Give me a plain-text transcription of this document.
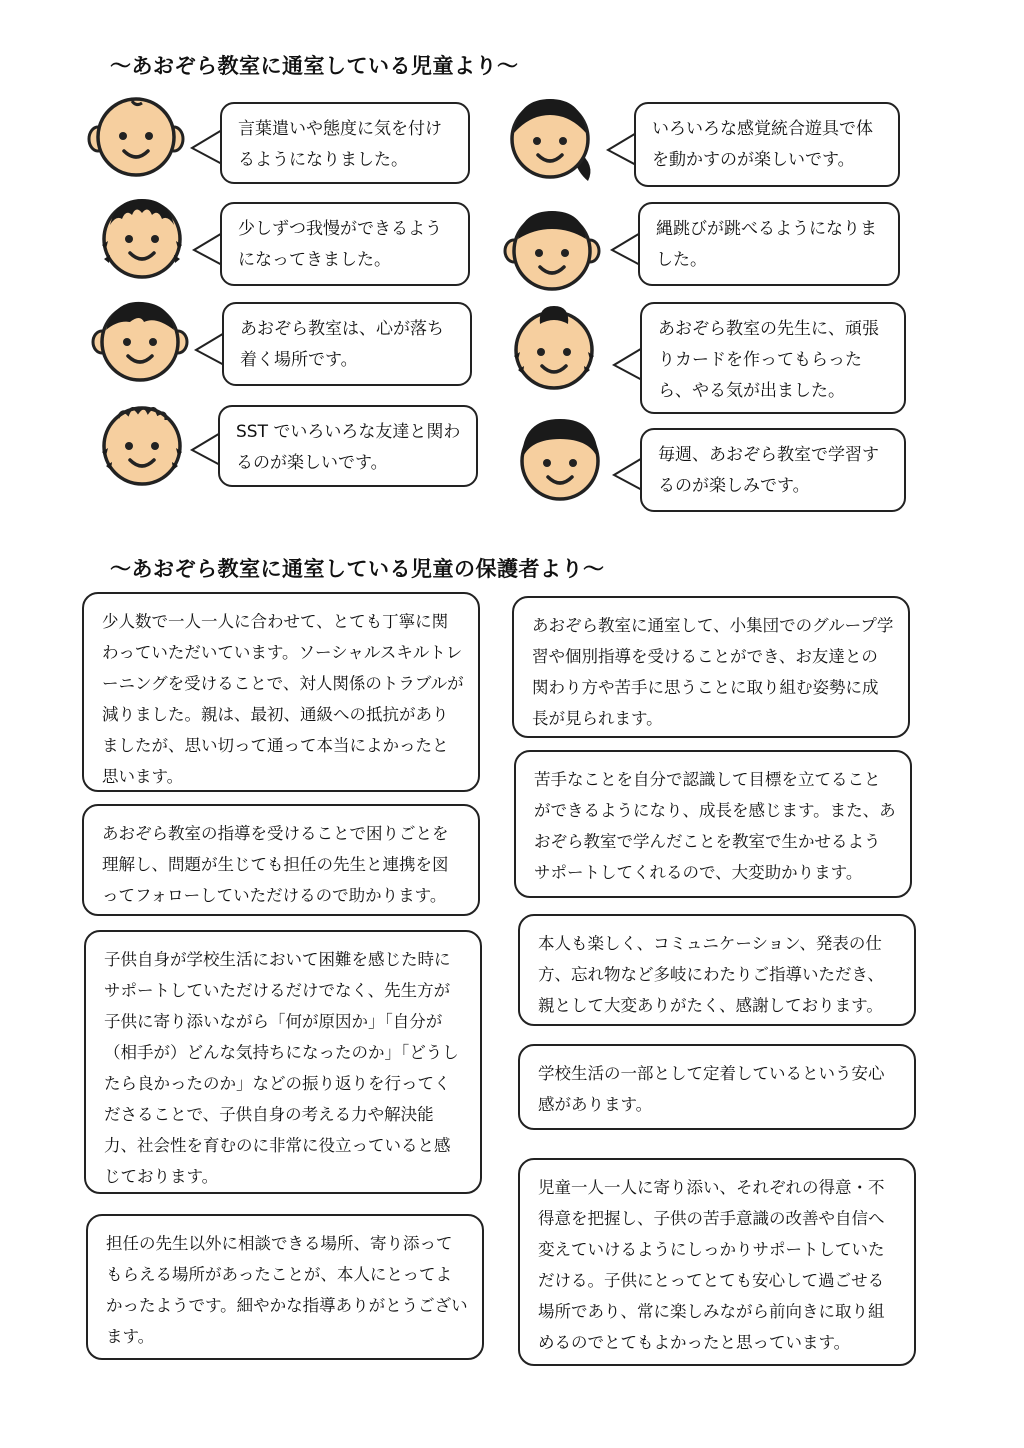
～あおぞら教室に通室している児童より～
言葉遣いや態度に気を付けるようになりました。
いろいろな感覚統合遊具で体を動かすのが楽しいです。
少しずつ我慢ができるようになってきました。
縄跳びが跳べるようになりました。
あおぞら教室は、心が落ち着く場所です。
あおぞら教室の先生に、頑張りカードを作ってもらったら、やる気が出ました。
SST でいろいろな友達と関わるのが楽しいです。	毎週、あおぞら教室で学習するのが楽しみです。
～あおぞら教室に通室している児童の保護者より～
少人数で一人一人に合わせて、とても丁寧に関わっていただいています。ソーシャルスキルトレーニングを受けることで、対人関係のトラブルが減りました。親は、最初、通級への抵抗がありましたが、思い切って通って本当によかったと思います。
あおぞら教室の指導を受けることで困りごとを理解し、問題が生じても担任の先生と連携を図ってフォローしていただけるので助かります。
子供自身が学校生活において困難を感じた時にサポートしていただけるだけでなく、先生方が子供に寄り添いながら「何が原因か」「自分が（相手が）どんな気持ちになったのか」「どうしたら良かったのか」などの振り返りを行ってくださることで、子供自身の考える力や解決能力、社会性を育むのに非常に役立っていると感じております。
担任の先生以外に相談できる場所、寄り添ってもらえる場所があったことが、本人にとってよかったようです。細やかな指導ありがとうございます。
あおぞら教室に通室して、小集団でのグループ学習や個別指導を受けることができ、お友達との関わり方や苦手に思うことに取り組む姿勢に成長が見られます。
苦手なことを自分で認識して目標を立てることができるようになり、成長を感じます。また、あおぞら教室で学んだことを教室で生かせるようサポートしてくれるので、大変助かります。
本人も楽しく、コミュニケーション、発表の仕方、忘れ物など多岐にわたりご指導いただき、親として大変ありがたく、感謝しております。
学校生活の一部として定着しているという安心感があります。
児童一人一人に寄り添い、それぞれの得意・不得意を把握し、子供の苦手意識の改善や自信へ変えていけるようにしっかりサポートしていただける。子供にとってとても安心して過ごせる場所であり、常に楽しみながら前向きに取り組めるのでとてもよかったと思っています。
